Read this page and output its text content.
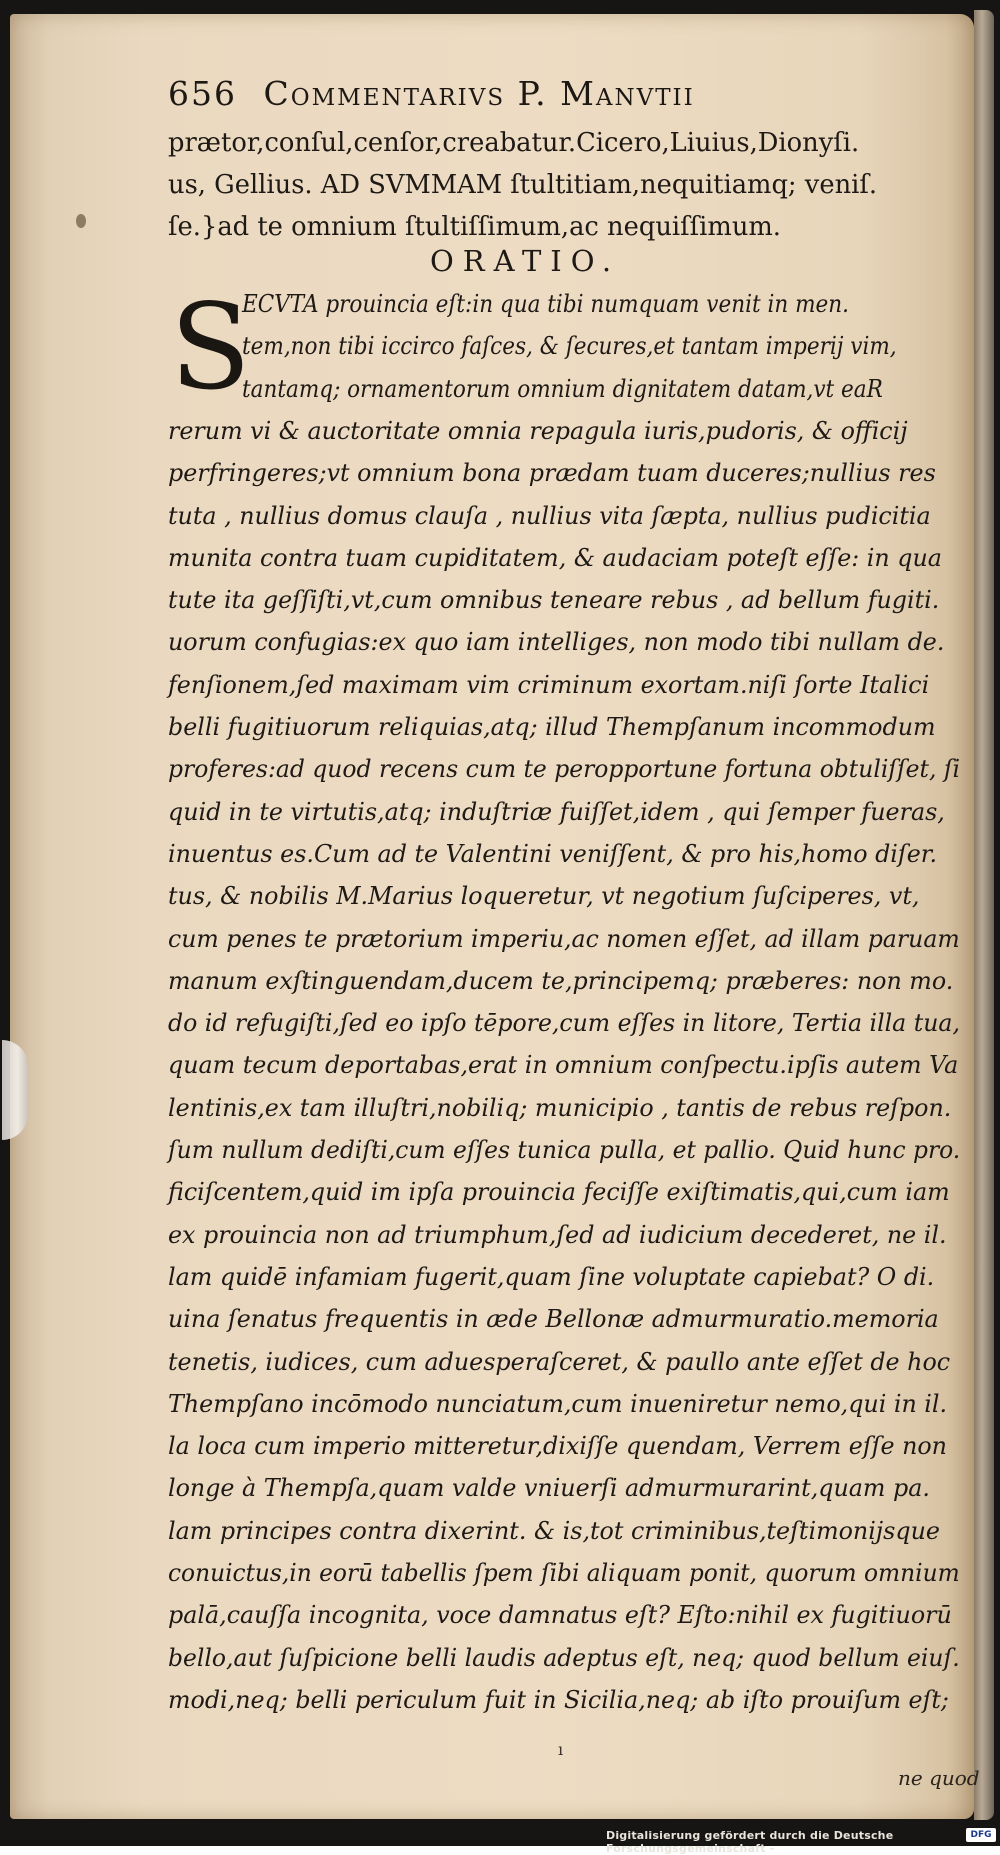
656 Commentarivs P. Manvtii
prætor,conſul,cenſor,creabatur.Cicero,Liuius,Dionyſi.
us, Gellius. AD SVMMAM ſtultitiam,nequitiamq; veniſ.
ſe.}ad te omnium ſtultiſſimum,ac nequiſſimum.
ORATIO.
S
ECVTA prouincia eſt:in qua tibi numquam venit in men.
tem,non tibi iccirco faſces, & ſecures,et tantam imperij vim,
tantamq; ornamentorum omnium dignitatem datam,vt eaR
rerum vi & auctoritate omnia repagula iuris,pudoris, & officij
perfringeres;vt omnium bona prædam tuam duceres;nullius res
tuta , nullius domus clauſa , nullius vita ſæpta, nullius pudicitia
munita contra tuam cupiditatem, & audaciam poteſt eſſe: in qua
tute ita geſſiſti,vt,cum omnibus teneare rebus , ad bellum fugiti.
uorum confugias:ex quo iam intelliges, non modo tibi nullam de.
fenſionem,ſed maximam vim criminum exortam.niſi ſorte Italici
belli fugitiuorum reliquias,atq; illud Thempſanum incommodum
proferes:ad quod recens cum te peropportune fortuna obtuliſſet, ſi
quid in te virtutis,atq; induſtriæ fuiſſet,idem , qui ſemper fueras,
inuentus es.Cum ad te Valentini veniſſent, & pro his,homo diſer.
tus, & nobilis M.Marius loqueretur, vt negotium ſuſciperes, vt,
cum penes te prætorium imperiu,ac nomen eſſet, ad illam paruam
manum exſtinguendam,ducem te,principemq; præberes: non mo.
do id refugiſti,ſed eo ipſo tēpore,cum eſſes in litore, Tertia illa tua,
quam tecum deportabas,erat in omnium conſpectu.ipſis autem Va
lentinis,ex tam illuſtri,nobiliq; municipio , tantis de rebus reſpon.
ſum nullum dediſti,cum eſſes tunica pulla, et pallio. Quid hunc pro.
ficiſcentem,quid im ipſa prouincia feciſſe exiſtimatis,qui,cum iam
ex prouincia non ad triumphum,ſed ad iudicium decederet, ne il.
lam quidē infamiam fugerit,quam ſine voluptate capiebat? O di.
uina ſenatus frequentis in æde Bellonæ admurmuratio.memoria
tenetis, iudices, cum aduesperaſceret, & paullo ante eſſet de hoc
Thempſano incōmodo nunciatum,cum inueniretur nemo,qui in il.
la loca cum imperio mitteretur,dixiſſe quendam, Verrem eſſe non
longe à Thempſa,quam valde vniuerſi admurmurarint,quam pa.
lam principes contra dixerint. & is,tot criminibus,teſtimonijsque
conuictus,in eorū tabellis ſpem ſibi aliquam ponit, quorum omnium
palā,cauſſa incognita, voce damnatus eſt? Eſto:nihil ex fugitiuorū
bello,aut ſuſpicione belli laudis adeptus eſt, neq; quod bellum eiuſ.
modi,neq; belli periculum fuit in Sicilia,neq; ab iſto prouiſum eſt;
ı
ne quod
Digitalisierung gefördert durch die Deutsche Forschungsgemeinschaft -
DFG
